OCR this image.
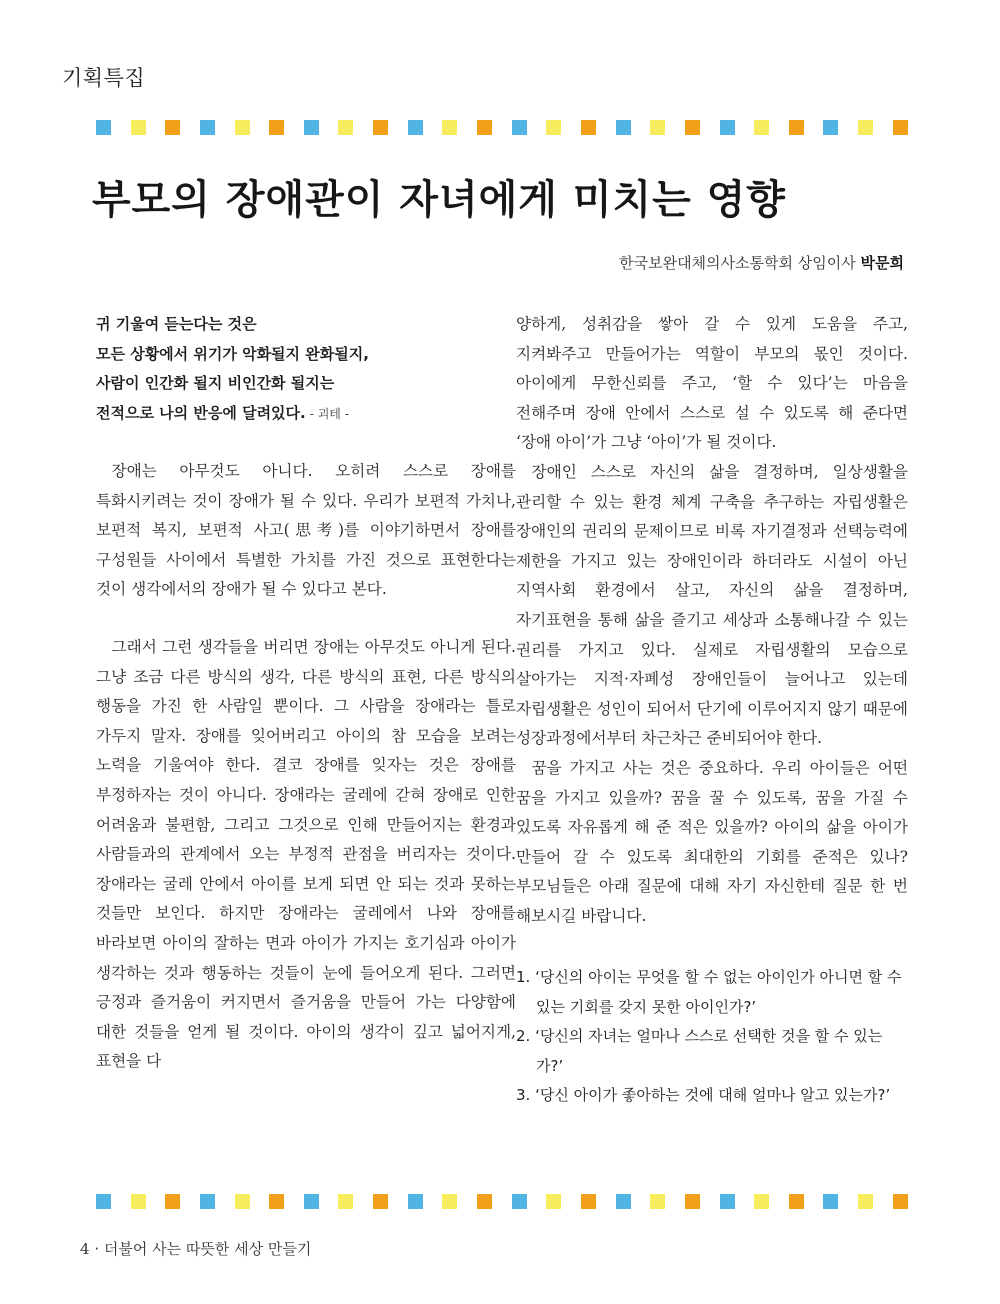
기획특집
부모의 장애관이 자녀에게 미치는 영향
한국보완대체의사소통학회 상임이사 박문희
귀 기울여 듣는다는 것은
모든 상황에서 위기가 악화될지 완화될지,
사람이 인간화 될지 비인간화 될지는
전적으로 나의 반응에 달려있다. - 괴테 -

장애는 아무것도 아니다. 오히려 스스로 장애를 특화시키려는 것이 장애가 될 수 있다. 우리가 보편적 가치나, 보편적 복지, 보편적 사고(思考)를 이야기하면서 장애를 구성원들 사이에서 특별한 가치를 가진 것으로 표현한다는 것이 생각에서의 장애가 될 수 있다고 본다.

그래서 그런 생각들을 버리면 장애는 아무것도 아니게 된다. 그냥 조금 다른 방식의 생각, 다른 방식의 표현, 다른 방식의 행동을 가진 한 사람일 뿐이다. 그 사람을 장애라는 틀로 가두지 말자. 장애를 잊어버리고 아이의 참 모습을 보려는 노력을 기울여야 한다. 결코 장애를 잊자는 것은 장애를 부정하자는 것이 아니다. 장애라는 굴레에 갇혀 장애로 인한 어려움과 불편함, 그리고 그것으로 인해 만들어지는 환경과 사람들과의 관계에서 오는 부정적 관점을 버리자는 것이다. 장애라는 굴레 안에서 아이를 보게 되면 안 되는 것과 못하는 것들만 보인다. 하지만 장애라는 굴레에서 나와 장애를 바라보면 아이의 잘하는 면과 아이가 가지는 호기심과 아이가 생각하는 것과 행동하는 것들이 눈에 들어오게 된다. 그러면 긍정과 즐거움이 커지면서 즐거움을 만들어 가는 다양함에 대한 것들을 얻게 될 것이다. 아이의 생각이 깊고 넓어지게, 표현을 다

양하게, 성취감을 쌓아 갈 수 있게 도움을 주고, 지켜봐주고 만들어가는 역할이 부모의 몫인 것이다. 아이에게 무한신뢰를 주고, ‘할 수 있다’는 마음을 전해주며 장애 안에서 스스로 설 수 있도록 해 준다면 ‘장애 아이’가 그냥 ‘아이’가 될 것이다.

장애인 스스로 자신의 삶을 결정하며, 일상생활을 관리할 수 있는 환경 체계 구축을 추구하는 자립생활은 장애인의 권리의 문제이므로 비록 자기결정과 선택능력에 제한을 가지고 있는 장애인이라 하더라도 시설이 아닌 지역사회 환경에서 살고, 자신의 삶을 결정하며, 자기표현을 통해 삶을 즐기고 세상과 소통해나갈 수 있는 권리를 가지고 있다. 실제로 자립생활의 모습으로 살아가는 지적·자폐성 장애인들이 늘어나고 있는데 자립생활은 성인이 되어서 단기에 이루어지지 않기 때문에 성장과정에서부터 차근차근 준비되어야 한다.

꿈을 가지고 사는 것은 중요하다. 우리 아이들은 어떤 꿈을 가지고 있을까? 꿈을 꿀 수 있도록, 꿈을 가질 수 있도록 자유롭게 해 준 적은 있을까? 아이의 삶을 아이가 만들어 갈 수 있도록 최대한의 기회를 준적은 있나? 부모님들은 아래 질문에 대해 자기 자신한테 질문 한 번 해보시길 바랍니다.

1. ‘당신의 아이는 무엇을 할 수 없는 아이인가 아니면 할 수 있는 기회를 갖지 못한 아이인가?’
2. ‘당신의 자녀는 얼마나 스스로 선택한 것을 할 수 있는가?’
3. ‘당신 아이가 좋아하는 것에 대해 얼마나 알고 있는가?’
4 · 더불어 사는 따뜻한 세상 만들기
